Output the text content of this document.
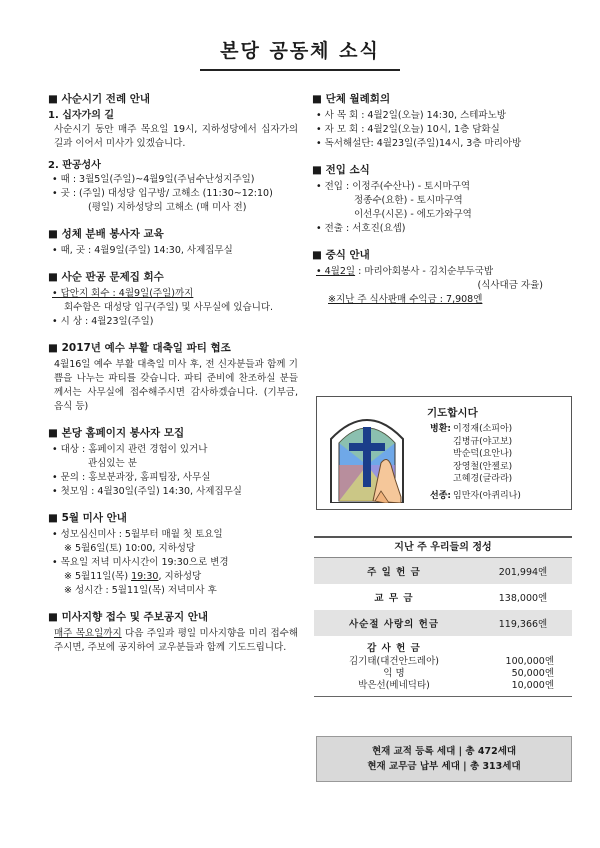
본당 공동체 소식
■ 사순시기 전례 안내
1. 십자가의 길
사순시기 동안 매주 목요일 19시, 지하성당에서 십자가의 길과 이어서 미사가 있겠습니다.
2. 판공성사
• 때 : 3월5일(주일)~4월9일(주님수난성지주일)
• 곳 : (주일) 대성당 입구방/ 고해소 (11:30~12:10)
(평일) 지하성당의 고해소 (매 미사 전)
■ 성체 분배 봉사자 교육
• 때, 곳 : 4월9일(주일) 14:30, 사제집무실
■ 사순 판공 문제집 회수
• 답안지 회수 : 4월9일(주일)까지
회수함은 대성당 입구(주일) 및 사무실에 있습니다.
• 시 상 : 4월23일(주일)
■ 2017년 예수 부활 대축일 파티 협조
4월16일 예수 부활 대축일 미사 후, 전 신자분들과 함께 기쁨을 나누는 파티를 갖습니다. 파티 준비에 찬조하실 분들께서는 사무실에 접수해주시면 감사하겠습니다. (기부금, 음식 등)
■ 본당 홈페이지 봉사자 모집
• 대상 : 홈페이지 관련 경험이 있거나
관심있는 분
• 문의 : 홍보분과장, 홈피팀장, 사무실
• 첫모임 : 4월30일(주일) 14:30, 사제집무실
■ 5월 미사 안내
• 성모심신미사 : 5월부터 매월 첫 토요일
※ 5월6일(토) 10:00, 지하성당
• 목요일 저녁 미사시간이 19:30으로 변경
※ 5월11일(목) 19:30, 지하성당
※ 성시간 : 5월11일(목) 저녁미사 후
■ 미사지향 접수 및 주보공지 안내
매주 목요일까지 다음 주일과 평일 미사지향을 미리 접수해 주시면, 주보에 공지하여 교우분들과 함께 기도드립니다.
■ 단체 월례회의
• 사 목 회 : 4월2일(오늘) 14:30, 스테파노방
• 자 모 회 : 4월2일(오늘) 10시, 1층 담화실
• 독서해설단: 4월23일(주일)14시, 3층 마리아방
■ 전입 소식
• 전입 : 이정주(수산나) - 토시마구역
정종수(요한) - 토시마구역
이선우(시몬) - 에도가와구역
• 전출 : 서호진(요셉)
■ 중식 안내
• 4월2일 : 마리아회봉사 - 김치순부두국밥
(식사대금 자율)
※지난 주 식사판매 수익금 : 7,908엔
기도합시다
병환: 이정재(소피아)
김병규(야고보)
박순덕(요안나)
장영철(안젤로)
고혜경(글라라)
선종: 임만자(아퀴리나)
지난 주 우리들의 정성
주 일 헌 금	201,994엔
교 무 금	138,000엔
사순절 사랑의 헌금	119,366엔
감 사 헌 금
김기태(대건안드레아)	100,000엔
익 명	50,000엔
박은선(베네딕타)	10,000엔
현재 교적 등록 세대 | 총 472세대
현재 교무금 납부 세대 | 총 313세대
